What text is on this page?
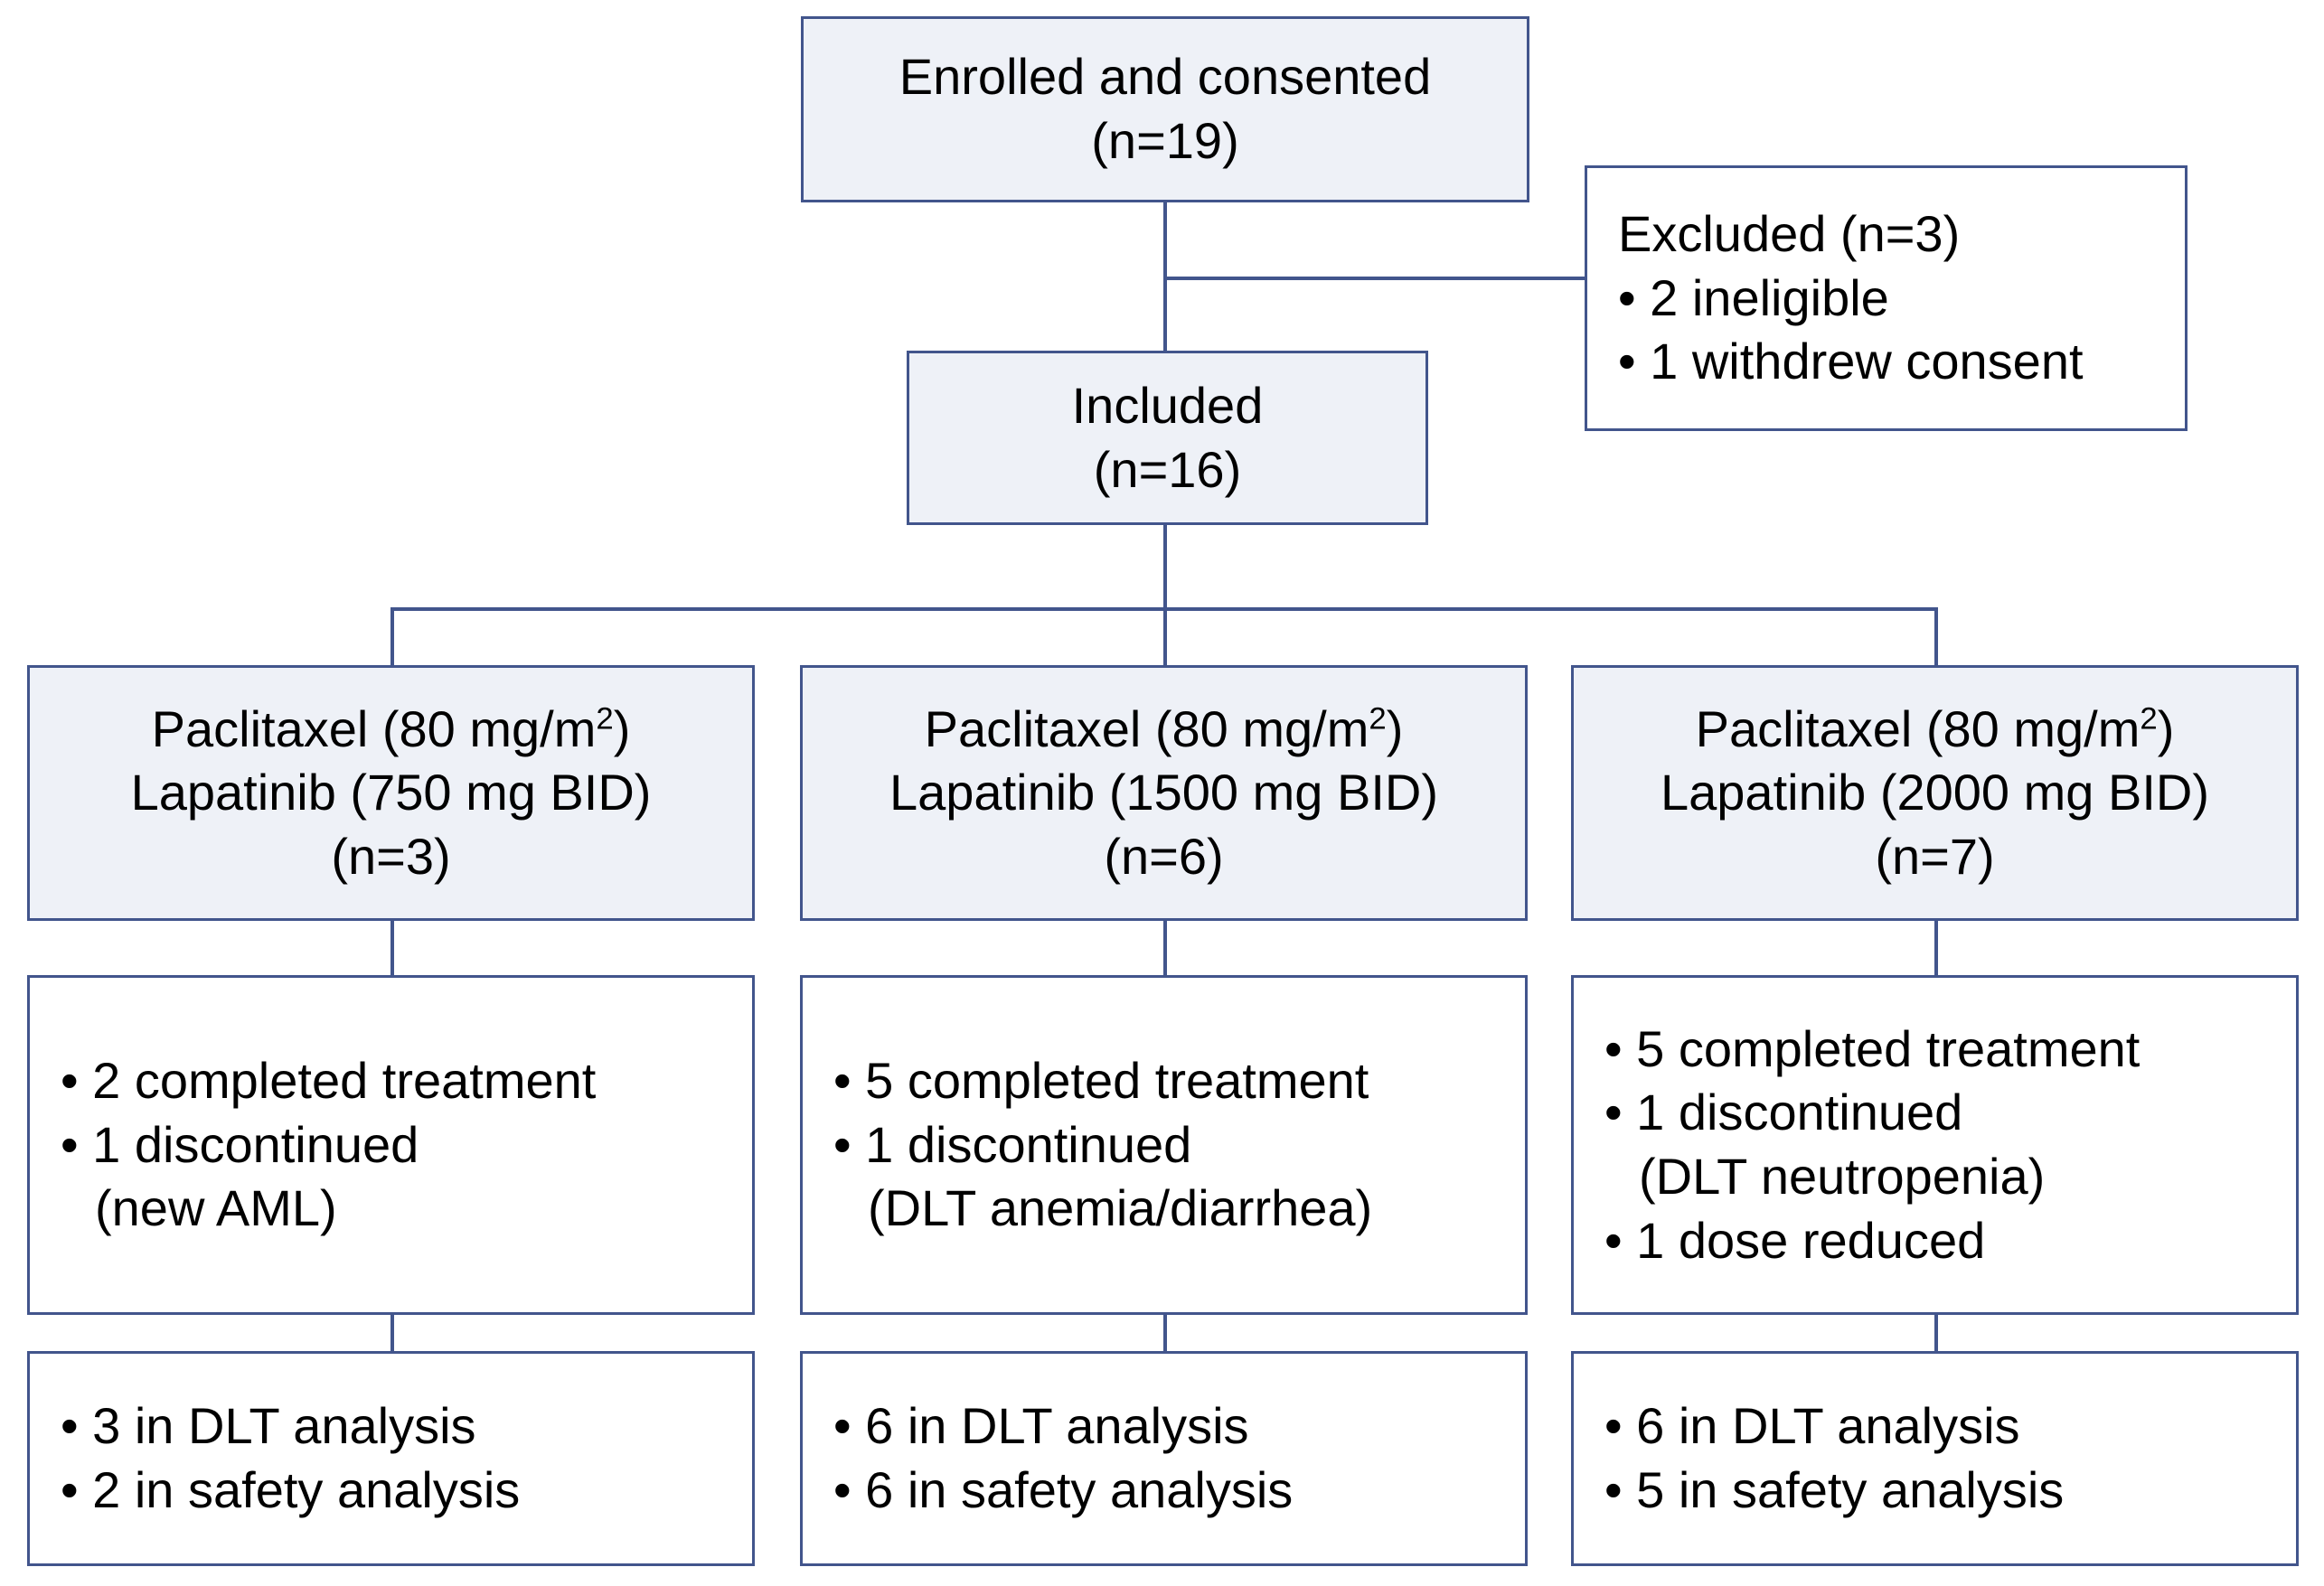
Enrolled and consented
(n=19)
Excluded (n=3)
• 2 ineligible
• 1 withdrew consent
Included
(n=16)
Paclitaxel (80 $mg/m^2$)
Lapatinib (750 mg BID)
(n=3)
Paclitaxel (80 $mg/m^2$)
Lapatinib (1500 mg BID)
(n=6)
Paclitaxel (80 $mg/m^2$)
Lapatinib (2000 mg BID)
(n=7)
• 2 completed treatment
• 1 discontinued
(new AML)
• 5 completed treatment
• 1 discontinued
(DLT anemia/diarrhea)
• 5 completed treatment
• 1 discontinued
(DLT neutropenia)
• 1 dose reduced
• 3 in DLT analysis
• 2 in safety analysis
• 6 in DLT analysis
• 6 in safety analysis
• 6 in DLT analysis
• 5 in safety analysis
